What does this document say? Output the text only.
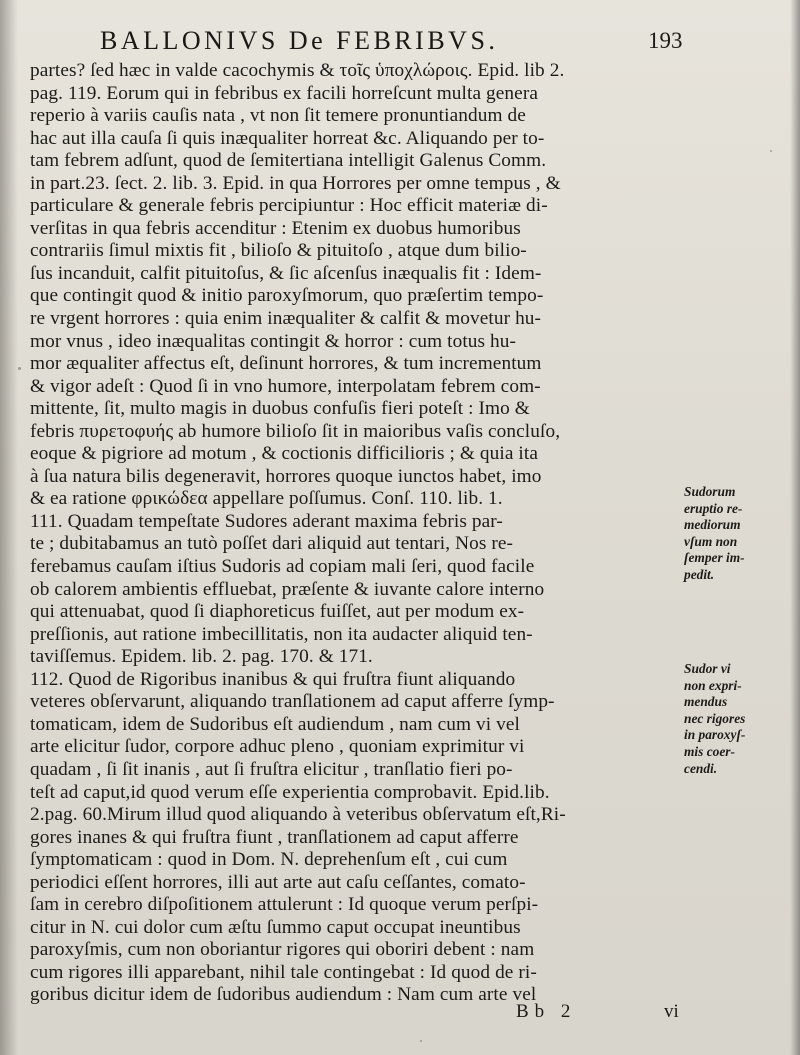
BALLONIVS De FEBRIBVS.	193
partes? ſed hæc in valde cacochymis & τοῖς ὑποχλώροις. Epid. lib 2.
pag. 119. Eorum qui in febribus ex facili horreſcunt multa genera
reperio à variis cauſis nata , vt non ſit temere pronuntiandum de
hac aut illa cauſa ſi quis inæqualiter horreat &c. Aliquando per to-
tam febrem adſunt, quod de ſemitertiana intelligit Galenus Comm.
in part.23. ſect. 2. lib. 3. Epid. in qua Horrores per omne tempus , &
particulare & generale febris percipiuntur : Hoc efficit materiæ di-
verſitas in qua febris accenditur : Etenim ex duobus humoribus
contrariis ſimul mixtis fit , bilioſo & pituitoſo , atque dum bilio-
ſus incanduit, calfit pituitoſus, & ſic aſcenſus inæqualis fit : Idem-
que contingit quod & initio paroxyſmorum, quo præſertim tempo-
re vrgent horrores : quia enim inæqualiter & calfit & movetur hu-
mor vnus , ideo inæqualitas contingit & horror : cum totus hu-
mor æqualiter affectus eſt, deſinunt horrores, & tum incrementum
& vigor adeſt : Quod ſi in vno humore, interpolatam febrem com-
mittente, ſit, multo magis in duobus confuſis fieri poteſt : Imo &
febris πυρετοφυής ab humore bilioſo ſit in maioribus vaſis concluſo,
eoque & pigriore ad motum , & coctionis difficilioris ; & quia ita
à ſua natura bilis degeneravit, horrores quoque iunctos habet, imo
& ea ratione φρικώδεα appellare poſſumus. Conſ. 110. lib. 1.
111. Quadam tempeſtate Sudores aderant maxima febris par-
te ; dubitabamus an tutò poſſet dari aliquid aut tentari, Nos re-
ferebamus cauſam iſtius Sudoris ad copiam mali ſeri, quod facile
ob calorem ambientis effluebat, præſente & iuvante calore interno
qui attenuabat, quod ſi diaphoreticus fuiſſet, aut per modum ex-
preſſionis, aut ratione imbecillitatis, non ita audacter aliquid ten-
taviſſemus. Epidem. lib. 2. pag. 170. & 171.
112. Quod de Rigoribus inanibus & qui fruſtra fiunt aliquando
veteres obſervarunt, aliquando tranſlationem ad caput afferre ſymp-
tomaticam, idem de Sudoribus eſt audiendum , nam cum vi vel
arte elicitur ſudor, corpore adhuc pleno , quoniam exprimitur vi
quadam , ſi ſit inanis , aut ſi fruſtra elicitur , tranſlatio fieri po-
teſt ad caput,id quod verum eſſe experientia comprobavit. Epid.lib.
2.pag. 60.Mirum illud quod aliquando à veteribus obſervatum eſt,Ri-
gores inanes & qui fruſtra fiunt , tranſlationem ad caput afferre
ſymptomaticam : quod in Dom. N. deprehenſum eſt , cui cum
periodici eſſent horrores, illi aut arte aut caſu ceſſantes, comato-
ſam in cerebro diſpoſitionem attulerunt : Id quoque verum perſpi-
citur in N. cui dolor cum æſtu ſummo caput occupat ineuntibus
paroxyſmis, cum non oboriantur rigores qui oboriri debent : nam
cum rigores illi apparebant, nihil tale contingebat : Id quod de ri-
goribus dicitur idem de ſudoribus audiendum : Nam cum arte vel
Sudorum
eruptio re-
mediorum
vſum non
ſemper im-
pedit.
Sudor vi
non expri-
mendus
nec rigores
in paroxyſ-
mis coer-
cendi.
Bb 2	vi
